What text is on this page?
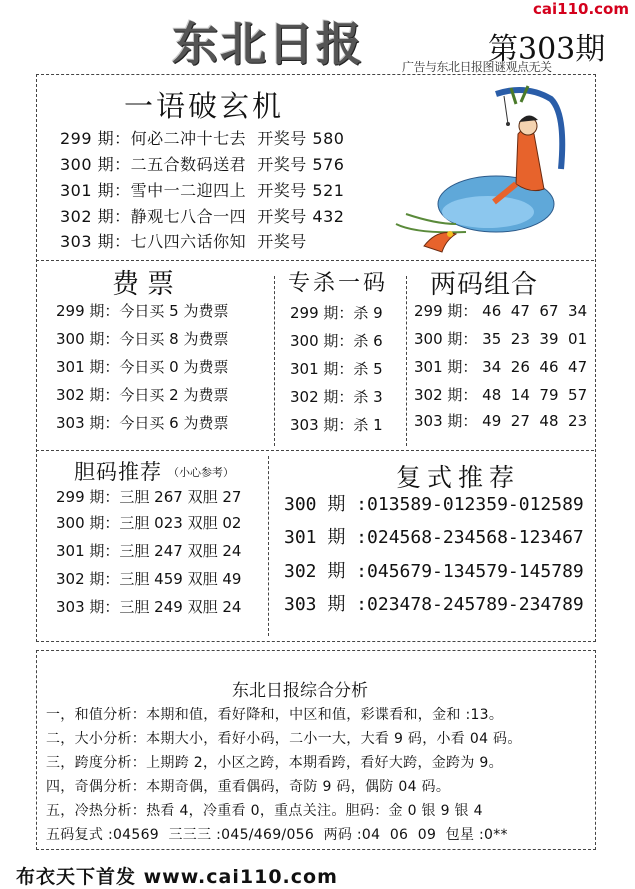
东北日报
cai110.com
第303期
广告与东北日报图谜观点无关
一语破玄机
299 期：何必二冲十七去  开奖号 580
300 期：二五合数码送君  开奖号 576
301 期：雪中一二迎四上  开奖号 521
302 期：静观七八合一四  开奖号 432
303 期：七八四六话你知  开奖号
费票
299 期：今日买 5 为费票
300 期：今日买 8 为费票
301 期：今日买 0 为费票
302 期：今日买 2 为费票
303 期：今日买 6 为费票
专杀一码
299 期：杀 9
300 期：杀 6
301 期：杀 5
302 期：杀 3
303 期：杀 1
两码组合
299 期： 46  47  67  34
300 期： 35  23  39  01
301 期： 34  26  46  47
302 期： 48  14  79  57
303 期： 49  27  48  23
胆码推荐 （小心参考）
299 期：三胆 267 双胆 27
300 期：三胆 023 双胆 02
301 期：三胆 247 双胆 24
302 期：三胆 459 双胆 49
303 期：三胆 249 双胆 24
复式推荐
300 期 :013589-012359-012589
301 期 :024568-234568-123467
302 期 :045679-134579-145789
303 期 :023478-245789-234789
东北日报综合分析
一，和值分析：本期和值，看好降和，中区和值，彩谍看和，金和 :13。
二，大小分析：本期大小，看好小码，二小一大，大看 9 码，小看 04 码。
三，跨度分析：上期跨 2，小区之跨，本期看跨，看好大跨，金跨为 9。
四，奇偶分析：本期奇偶，重看偶码，奇防 9 码，偶防 04 码。
五，冷热分析：热看 4，冷重看 0，重点关注。胆码：金 0 银 9 银 4
五码复式 :04569  三三三 :045/469/056  两码 :04  06  09  包星 :0**
布衣天下首发 www.cai110.com
